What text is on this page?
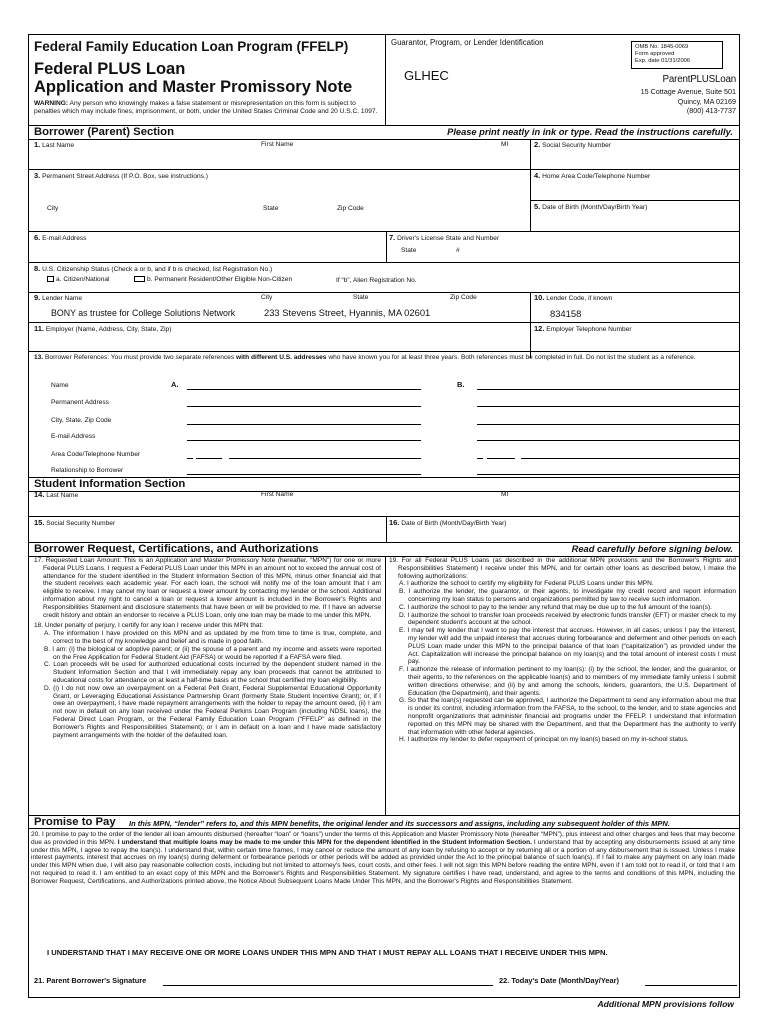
Federal Family Education Loan Program (FFELP)
Federal PLUS Loan
Application and Master Promissory Note
WARNING: Any person who knowingly makes a false statement or misrepresentation on this form is subject to penalties which may include fines, imprisonment, or both, under the United States Criminal Code and 20 U.S.C. 1097.
Guarantor, Program, or Lender Identification
GLHEC
OMB No. 1845-0069
Form approved
Exp. date 01/31/2006
ParentPLUSLoan
15 Cottage Avenue, Suite 501
Quincy, MA 02169
(800) 413-7737
Borrower (Parent) Section	Please print neatly in ink or type. Read the instructions carefully.
1. Last Name	First Name	MI	2. Social Security Number
3. Permanent Street Address (If P.O. Box, see instructions.)	4. Home Area Code/Telephone Number
City	State	Zip Code	5. Date of Birth (Month/Day/Birth Year)
6. E-mail Address	7. Driver's License State and Number
State	#
8. U.S. Citizenship Status (Check a or b, and if b is checked, list Registration No.)
a. Citizen/National	b. Permanent Resident/Other Eligible Non-Citizen	If “b”, Alien Registration No.
9. Lender Name	City	State	Zip Code
BONY as trustee for College Solutions Network	233 Stevens Street, Hyannis, MA 02601
10. Lender Code, if known
834158
11. Employer (Name, Address, City, State, Zip)	12. Employer Telephone Number
13. Borrower References: You must provide two separate references with different U.S. addresses who have known you for at least three years. Both references must be completed in full. Do not list the student as a reference.
A.	B.
Name
Permanent Address
City, State, Zip Code
E-mail Address
Area Code/Telephone Number
Relationship to Borrower
Student Information Section
14. Last Name	First Name	MI
15. Social Security Number	16. Date of Birth (Month/Day/Birth Year)
Borrower Request, Certifications, and Authorizations	Read carefully before signing below.

17. Requested Loan Amount: This is an Application and Master Promissory Note (hereafter, “MPN”) for one or more Federal PLUS Loans. I request a Federal PLUS Loan under this MPN in an amount not to exceed the annual cost of attendance for the student identified in the Student Information Section of this MPN, minus other financial aid that the student receives each academic year. For each loan, the school will notify me of the loan amount that I am eligible to receive. I may cancel my loan or request a lower amount by contacting my lender or the school. Additional information about my right to cancel a loan or request a lower amount is included in the Borrower's Rights and Responsibilities Statement and disclosure statements that have been or will be provided to me. If I have an adverse credit history and obtain an endorser to receive a PLUS Loan, only one loan may be made to me under this MPN.

18. Under penalty of perjury, I certify for any loan I receive under this MPN that:

A. The information I have provided on this MPN and as updated by me from time to time is true, complete, and correct to the best of my knowledge and belief and is made in good faith.

B. I am: (i) the biological or adoptive parent; or (ii) the spouse of a parent and my income and assets were reported on the Free Application for Federal Student Aid (FAFSA) or would be reported if a FAFSA were filed.

C. Loan proceeds will be used for authorized educational costs incurred by the dependent student named in the Student Information Section and that I will immediately repay any loan proceeds that cannot be attributed to educational costs for attendance on at least a half-time basis at the school that certified my loan eligibility.

D. (i) I do not now owe an overpayment on a Federal Pell Grant, Federal Supplemental Educational Opportunity Grant, or Leveraging Educational Assistance Partnership Grant (formerly State Student Incentive Grant); or, if I owe an overpayment, I have made repayment arrangements with the holder to repay the amount owed, (ii) I am not now in default on any loan received under the Federal Perkins Loan Program (including NDSL loans), the Federal Direct Loan Program, or the Federal Family Education Loan Program (“FFELP” as defined in the Borrower's Rights and Responsibilities Statement); or I am in default on a loan and I have made satisfactory payment arrangements with the holder of the defaulted loan.

19. For all Federal PLUS Loans (as described in the additional MPN provisions and the Borrower's Rights and Responsibilities Statement) I receive under this MPN, and for certain other loans as described below, I make the following authorizations:

A. I authorize the school to certify my eligibility for Federal PLUS Loans under this MPN.

B. I authorize the lender, the guarantor, or their agents, to investigate my credit record and report information concerning my loan status to persons and organizations permitted by law to receive such information.

C. I authorize the school to pay to the lender any refund that may be due up to the full amount of the loan(s).

D. I authorize the school to transfer loan proceeds received by electronic funds transfer (EFT) or master check to my dependent student's account at the school.

E. I may tell my lender that I want to pay the interest that accrues. However, in all cases, unless I pay the interest, my lender will add the unpaid interest that accrues during forbearance and deferment and other periods on each PLUS Loan made under this MPN to the principal balance of that loan (“capitalization”) as provided under the Act. Capitalization will increase the principal balance on my loan(s) and the total amount of interest costs I must pay.

F. I authorize the release of information pertinent to my loan(s): (i) by the school, the lender, and the guarantor, or their agents, to the references on the applicable loan(s) and to members of my immediate family unless I submit written directions otherwise; and (ii) by and among the schools, lenders, guarantors, the U.S. Department of Education (the Department), and their agents.

G. So that the loan(s) requested can be approved, I authorize the Department to send any information about me that is under its control, including information from the FAFSA, to the school, to the lender, and to state agencies and nonprofit organizations that administer financial aid programs under the FFELP. I understand that information reported on this MPN may be shared with the Department, and that the Department has the authority to verify that information with other federal agencies.

H. I authorize my lender to defer repayment of principal on my loan(s) based on my in-school status.

Promise to Pay In this MPN, “lender” refers to, and this MPN benefits, the original lender and its successors and assigns, including any subsequent holder of this MPN.
20. I promise to pay to the order of the lender all loan amounts disbursed (hereafter “loan” or “loans”) under the terms of this Application and Master Promissory Note (hereafter “MPN”), plus interest and other charges and fees that may become due as provided in this MPN. I understand that multiple loans may be made to me under this MPN for the dependent identified in the Student Information Section. I understand that by accepting any disbursements issued at any time under this MPN, I agree to repay the loan(s). I understand that, within certain time frames, I may cancel or reduce the amount of any loan by refusing to accept or by returning all or a portion of any disbursement that is issued. Unless I make interest payments, interest that accrues on my loan(s) during deferment or forbearance periods or other periods will be added as provided under the Act to the principal balance of such loan(s). If I fail to make any payment on any loan made under this MPN when due, I will also pay reasonable collection costs, including but not limited to attorney's fees, court costs, and other fees. I will not sign this MPN before reading the entire MPN, even if I am told not to read it, or told that I am not required to read it. I am entitled to an exact copy of this MPN and the Borrower's Rights and Responsibilities Statement. My signature certifies I have read, understand, and agree to the terms and conditions of this MPN, including the Borrower Request, Certifications, and Authorizations printed above, the Notice About Subsequent Loans Made Under This MPN, and the Borrower's Rights and Responsibilities Statement.
I UNDERSTAND THAT I MAY RECEIVE ONE OR MORE LOANS UNDER THIS MPN AND THAT I MUST REPAY ALL LOANS THAT I RECEIVE UNDER THIS MPN.
21. Parent Borrower's Signature	22. Today's Date (Month/Day/Year)
Additional MPN provisions follow
